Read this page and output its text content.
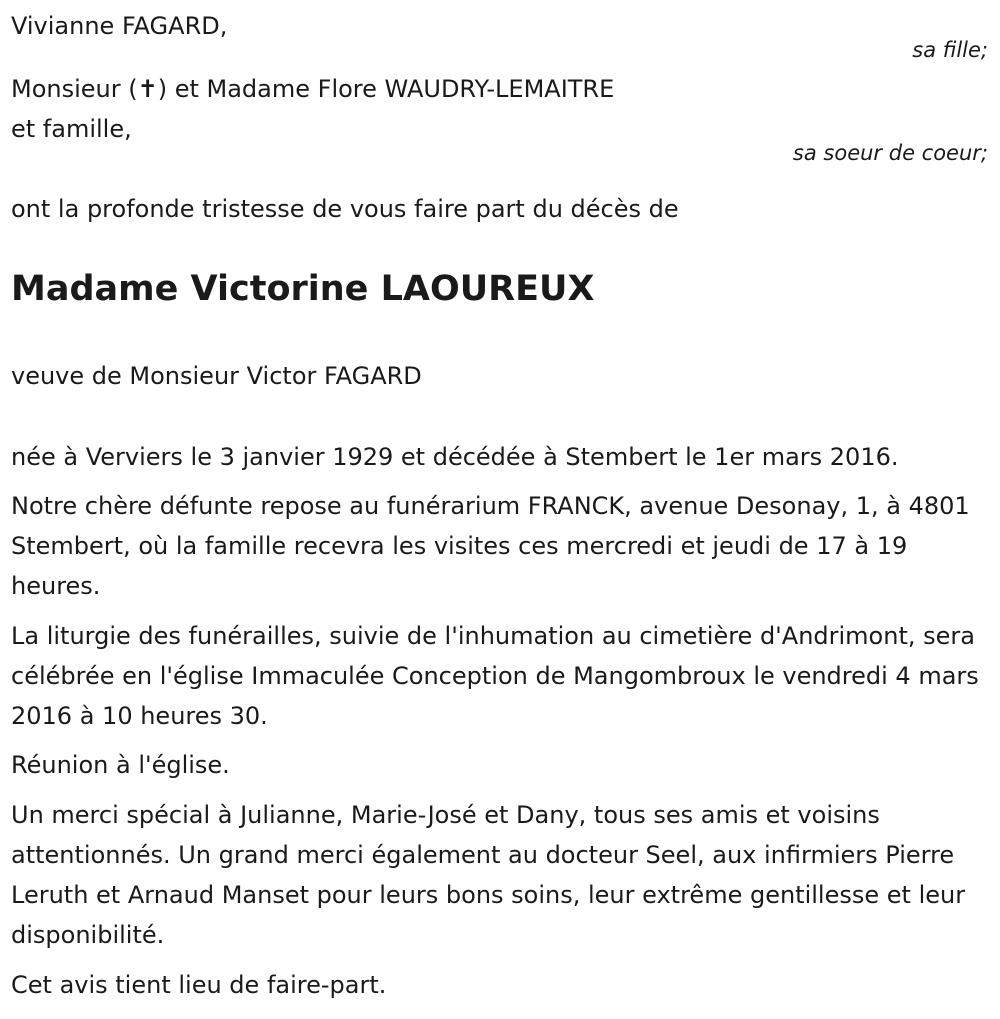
Vivianne FAGARD,
sa fille;
Monsieur (✝) et Madame Flore WAUDRY-LEMAITRE
et famille,
sa soeur de coeur;
ont la profonde tristesse de vous faire part du décès de
Madame Victorine LAOUREUX
veuve de Monsieur Victor FAGARD
née à Verviers le 3 janvier 1929 et décédée à Stembert le 1er mars 2016.
Notre chère défunte repose au funérarium FRANCK, avenue Desonay, 1, à 4801 Stembert, où la famille recevra les visites ces mercredi et jeudi de 17 à 19 heures.
La liturgie des funérailles, suivie de l'inhumation au cimetière d'Andrimont, sera célébrée en l'église Immaculée Conception de Mangombroux le vendredi 4 mars 2016 à 10 heures 30.
Réunion à l'église.
Un merci spécial à Julianne, Marie-José et Dany, tous ses amis et voisins attentionnés. Un grand merci également au docteur Seel, aux infirmiers Pierre Leruth et Arnaud Manset pour leurs bons soins, leur extrême gentillesse et leur disponibilité.
Cet avis tient lieu de faire-part.
